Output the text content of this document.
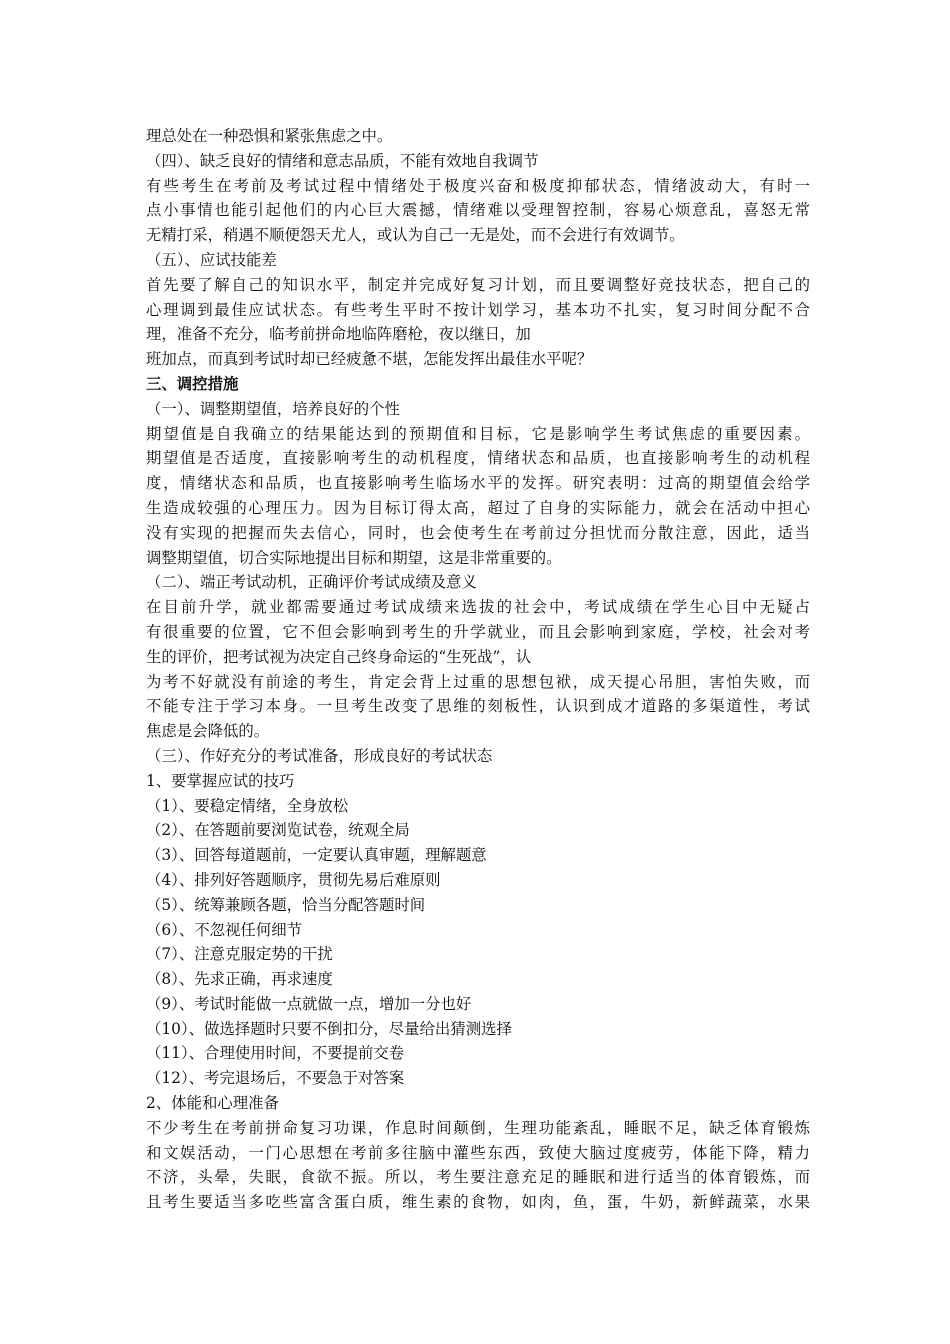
理总处在一种恐惧和紧张焦虑之中。
（四）、缺乏良好的情绪和意志品质，不能有效地自我调节
有些考生在考前及考试过程中情绪处于极度兴奋和极度抑郁状态，情绪波动大，有时一
点小事情也能引起他们的内心巨大震撼，情绪难以受理智控制，容易心烦意乱，喜怒无常
无精打采，稍遇不顺便怨天尤人，或认为自己一无是处，而不会进行有效调节。
（五）、应试技能差
首先要了解自己的知识水平，制定并完成好复习计划，而且要调整好竞技状态，把自己的
心理调到最佳应试状态。有些考生平时不按计划学习，基本功不扎实，复习时间分配不合
理，准备不充分，临考前拼命地临阵磨枪，夜以继日，加
班加点，而真到考试时却已经疲惫不堪，怎能发挥出最佳水平呢？
三、调控措施
（一）、调整期望值，培养良好的个性
期望值是自我确立的结果能达到的预期值和目标，它是影响学生考试焦虑的重要因素。
期望值是否适度，直接影响考生的动机程度，情绪状态和品质，也直接影响考生的动机程
度，情绪状态和品质，也直接影响考生临场水平的发挥。研究表明：过高的期望值会给学
生造成较强的心理压力。因为目标订得太高，超过了自身的实际能力，就会在活动中担心
没有实现的把握而失去信心，同时，也会使考生在考前过分担忧而分散注意，因此，适当
调整期望值，切合实际地提出目标和期望，这是非常重要的。
（二）、端正考试动机，正确评价考试成绩及意义
在目前升学，就业都需要通过考试成绩来选拔的社会中，考试成绩在学生心目中无疑占
有很重要的位置，它不但会影响到考生的升学就业，而且会影响到家庭，学校，社会对考
生的评价，把考试视为决定自己终身命运的“生死战”，认
为考不好就没有前途的考生，肯定会背上过重的思想包袱，成天提心吊胆，害怕失败，而
不能专注于学习本身。一旦考生改变了思维的刻板性，认识到成才道路的多渠道性，考试
焦虑是会降低的。
（三）、作好充分的考试准备，形成良好的考试状态
1、要掌握应试的技巧
（1）、要稳定情绪，全身放松
（2）、在答题前要浏览试卷，统观全局
（3）、回答每道题前，一定要认真审题，理解题意
（4）、排列好答题顺序，贯彻先易后难原则
（5）、统筹兼顾各题，恰当分配答题时间
（6）、不忽视任何细节
（7）、注意克服定势的干扰
（8）、先求正确，再求速度
（9）、考试时能做一点就做一点，增加一分也好
（10）、做选择题时只要不倒扣分，尽量给出猜测选择
（11）、合理使用时间，不要提前交卷
（12）、考完退场后，不要急于对答案
2、体能和心理准备
不少考生在考前拼命复习功课，作息时间颠倒，生理功能紊乱，睡眠不足，缺乏体育锻炼
和文娱活动，一门心思想在考前多往脑中灌些东西，致使大脑过度疲劳，体能下降，精力
不济，头晕，失眠，食欲不振。所以，考生要注意充足的睡眠和进行适当的体育锻炼，而
且考生要适当多吃些富含蛋白质，维生素的食物，如肉，鱼，蛋，牛奶，新鲜蔬菜，水果
